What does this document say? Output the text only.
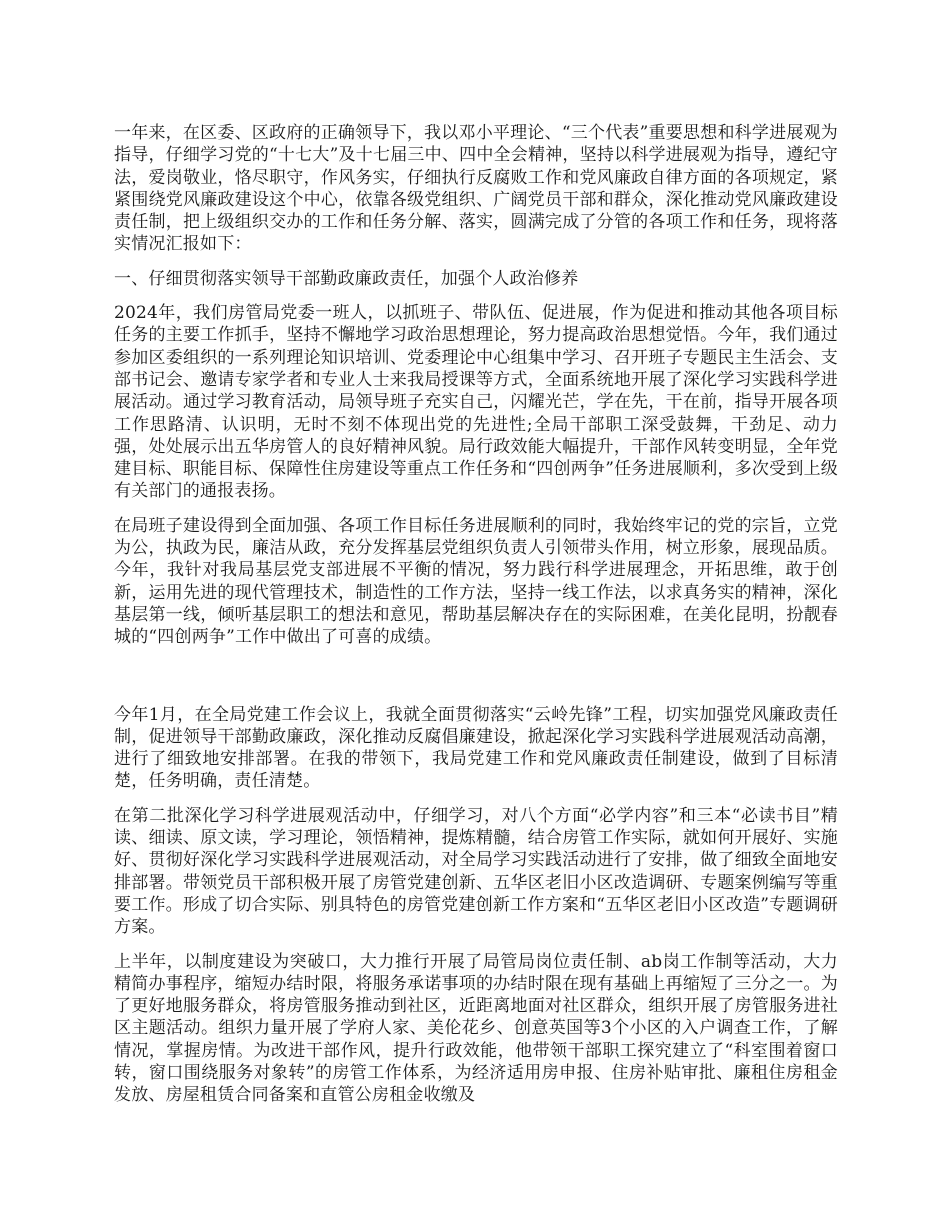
一年来，在区委、区政府的正确领导下，我以邓小平理论、“三个代表”重要思想和科学进展观为指导，仔细学习党的“十七大”及十七届三中、四中全会精神，坚持以科学进展观为指导，遵纪守法，爱岗敬业，恪尽职守，作风务实，仔细执行反腐败工作和党风廉政自律方面的各项规定，紧紧围绕党风廉政建设这个中心，依靠各级党组织、广阔党员干部和群众，深化推动党风廉政建设责任制，把上级组织交办的工作和任务分解、落实，圆满完成了分管的各项工作和任务，现将落实情况汇报如下：

一、仔细贯彻落实领导干部勤政廉政责任，加强个人政治修养

2024年，我们房管局党委一班人，以抓班子、带队伍、促进展，作为促进和推动其他各项目标任务的主要工作抓手，坚持不懈地学习政治思想理论，努力提高政治思想觉悟。今年，我们通过参加区委组织的一系列理论知识培训、党委理论中心组集中学习、召开班子专题民主生活会、支部书记会、邀请专家学者和专业人士来我局授课等方式，全面系统地开展了深化学习实践科学进展活动。通过学习教育活动，局领导班子充实自己，闪耀光芒，学在先，干在前，指导开展各项工作思路清、认识明，无时不刻不体现出党的先进性;全局干部职工深受鼓舞，干劲足、动力强，处处展示出五华房管人的良好精神风貌。局行政效能大幅提升，干部作风转变明显，全年党建目标、职能目标、保障性住房建设等重点工作任务和“四创两争”任务进展顺利，多次受到上级有关部门的通报表扬。

在局班子建设得到全面加强、各项工作目标任务进展顺利的同时，我始终牢记的党的宗旨，立党为公，执政为民，廉洁从政，充分发挥基层党组织负责人引领带头作用，树立形象，展现品质。今年，我针对我局基层党支部进展不平衡的情况，努力践行科学进展理念，开拓思维，敢于创新，运用先进的现代管理技术，制造性的工作方法，坚持一线工作法，以求真务实的精神，深化基层第一线，倾听基层职工的想法和意见，帮助基层解决存在的实际困难，在美化昆明，扮靓春城的“四创两争”工作中做出了可喜的成绩。

今年1月，在全局党建工作会议上，我就全面贯彻落实“云岭先锋”工程，切实加强党风廉政责任制，促进领导干部勤政廉政，深化推动反腐倡廉建设，掀起深化学习实践科学进展观活动高潮，进行了细致地安排部署。在我的带领下，我局党建工作和党风廉政责任制建设，做到了目标清楚，任务明确，责任清楚。

在第二批深化学习科学进展观活动中，仔细学习，对八个方面“必学内容”和三本“必读书目”精读、细读、原文读，学习理论，领悟精神，提炼精髓，结合房管工作实际，就如何开展好、实施好、贯彻好深化学习实践科学进展观活动，对全局学习实践活动进行了安排，做了细致全面地安排部署。带领党员干部积极开展了房管党建创新、五华区老旧小区改造调研、专题案例编写等重要工作。形成了切合实际、别具特色的房管党建创新工作方案和“五华区老旧小区改造”专题调研方案。

上半年，以制度建设为突破口，大力推行开展了局管局岗位责任制、ab岗工作制等活动，大力精简办事程序，缩短办结时限，将服务承诺事项的办结时限在现有基础上再缩短了三分之一。为了更好地服务群众，将房管服务推动到社区，近距离地面对社区群众，组织开展了房管服务进社区主题活动。组织力量开展了学府人家、美伦花乡、创意英国等3个小区的入户调查工作，了解情况，掌握房情。为改进干部作风，提升行政效能，他带领干部职工探究建立了“科室围着窗口转，窗口围绕服务对象转”的房管工作体系，为经济适用房申报、住房补贴审批、廉租住房租金发放、房屋租赁合同备案和直管公房租金收缴及
